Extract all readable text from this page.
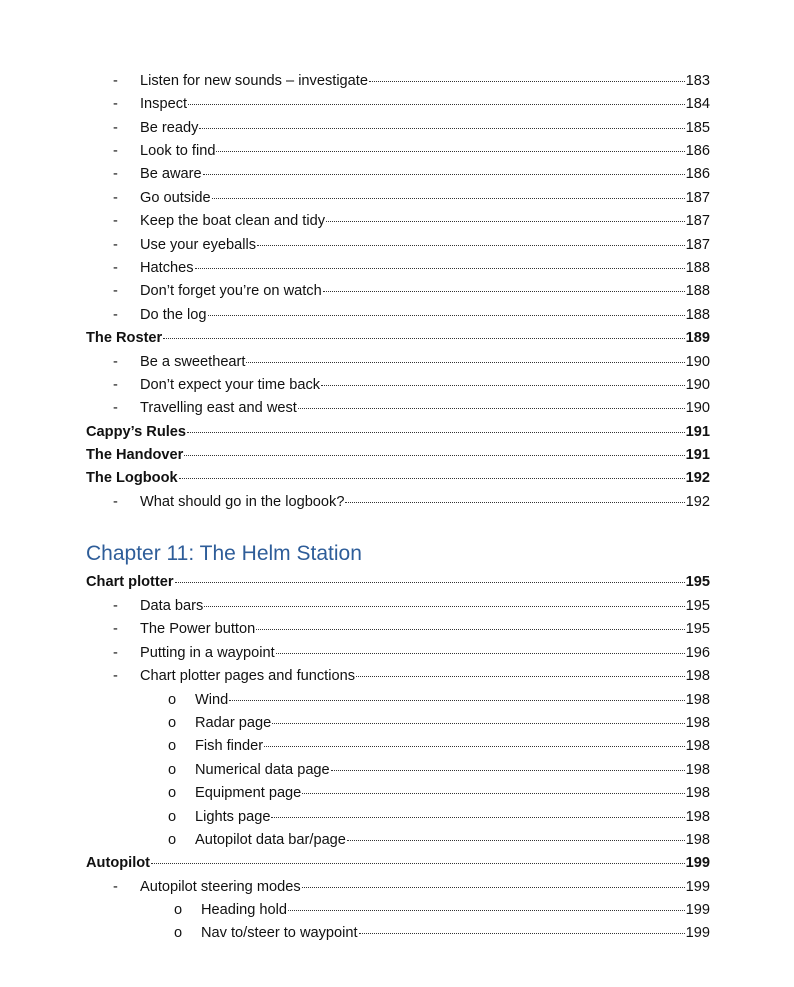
- Listen for new sounds – investigate	183
- Inspect	184
- Be ready	185
- Look to find	186
- Be aware	186
- Go outside	187
- Keep the boat clean and tidy	187
- Use your eyeballs	187
- Hatches	188
- Don’t forget you’re on watch	188
- Do the log	188
The Roster	189
- Be a sweetheart	190
- Don’t expect your time back	190
- Travelling east and west	190
Cappy’s Rules	191
The Handover	191
The Logbook	192
- What should go in the logbook?	192
Chart plotter	195
- Data bars	195
- The Power button	195
- Putting in a waypoint	196
- Chart plotter pages and functions	198
o Wind	198
o Radar page	198
o Fish finder	198
o Numerical data page	198
o Equipment page	198
o Lights page	198
o Autopilot data bar/page	198
Autopilot	199
- Autopilot steering modes	199
o Heading hold	199
o Nav to/steer to waypoint	199
Chapter 11: The Helm Station
